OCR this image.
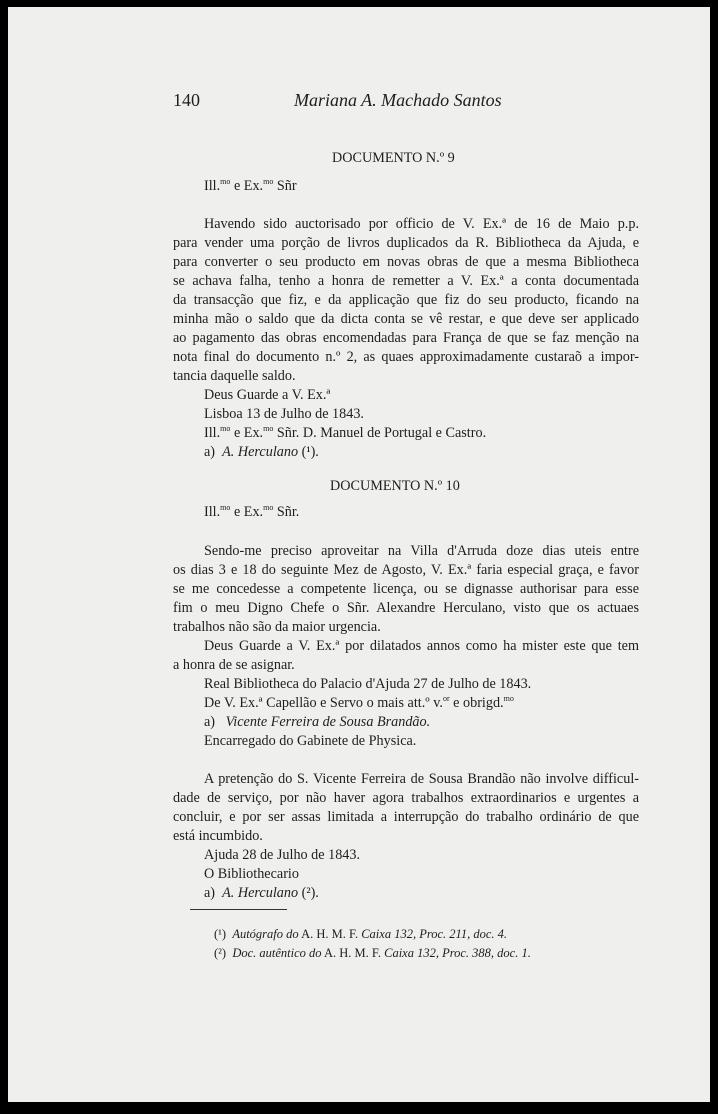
140	Mariana A. Machado Santos
DOCUMENTO N.º 9
Ill.$^{mo}$ e Ex.$^{mo}$ Sñr
Havendo sido auctorisado por officio de V. Ex.ª de 16 de Maio p.p.
para vender uma porção de livros duplicados da R. Bibliotheca da Ajuda, e
para converter o seu producto em novas obras de que a mesma Bibliotheca
se achava falha, tenho a honra de remetter a V. Ex.ª a conta documentada
da transacção que fiz, e da applicação que fiz do seu producto, ficando na
minha mão o saldo que da dicta conta se vê restar, e que deve ser applicado
ao pagamento das obras encomendadas para França de que se faz menção na
nota final do documento n.º 2, as quaes approximadamente custaraõ a impor-
tancia daquelle saldo.
Deus Guarde a V. Ex.ª
Lisboa 13 de Julho de 1843.
Ill.$^{mo}$ e Ex.$^{mo}$ Sñr. D. Manuel de Portugal e Castro.
a) A. Herculano (¹).
DOCUMENTO N.º 10
Ill.$^{mo}$ e Ex.$^{mo}$ Sñr.
Sendo-me preciso aproveitar na Villa d'Arruda doze dias uteis entre
os dias 3 e 18 do seguinte Mez de Agosto, V. Ex.ª faria especial graça, e favor
se me concedesse a competente licença, ou se dignasse authorisar para esse
fim o meu Digno Chefe o Sñr. Alexandre Herculano, visto que os actuaes
trabalhos não são da maior urgencia.
Deus Guarde a V. Ex.ª por dilatados annos como ha mister este que tem
a honra de se asignar.
Real Bibliotheca do Palacio d'Ajuda 27 de Julho de 1843.
De V. Ex.ª Capellão e Servo o mais att.º v.$^{or}$ e obrigd.$^{mo}$
a) Vicente Ferreira de Sousa Brandão.
Encarregado do Gabinete de Physica.
A pretenção do S. Vicente Ferreira de Sousa Brandão não involve difficul-
dade de serviço, por não haver agora trabalhos extraordinarios e urgentes a
concluir, e por ser assas limitada a interrupção do trabalho ordinário de que
está incumbido.
Ajuda 28 de Julho de 1843.
O Bibliothecario
a) A. Herculano (²).
(¹) Autógrafo do A. H. M. F. Caixa 132, Proc. 211, doc. 4.
(²) Doc. autêntico do A. H. M. F. Caixa 132, Proc. 388, doc. 1.
